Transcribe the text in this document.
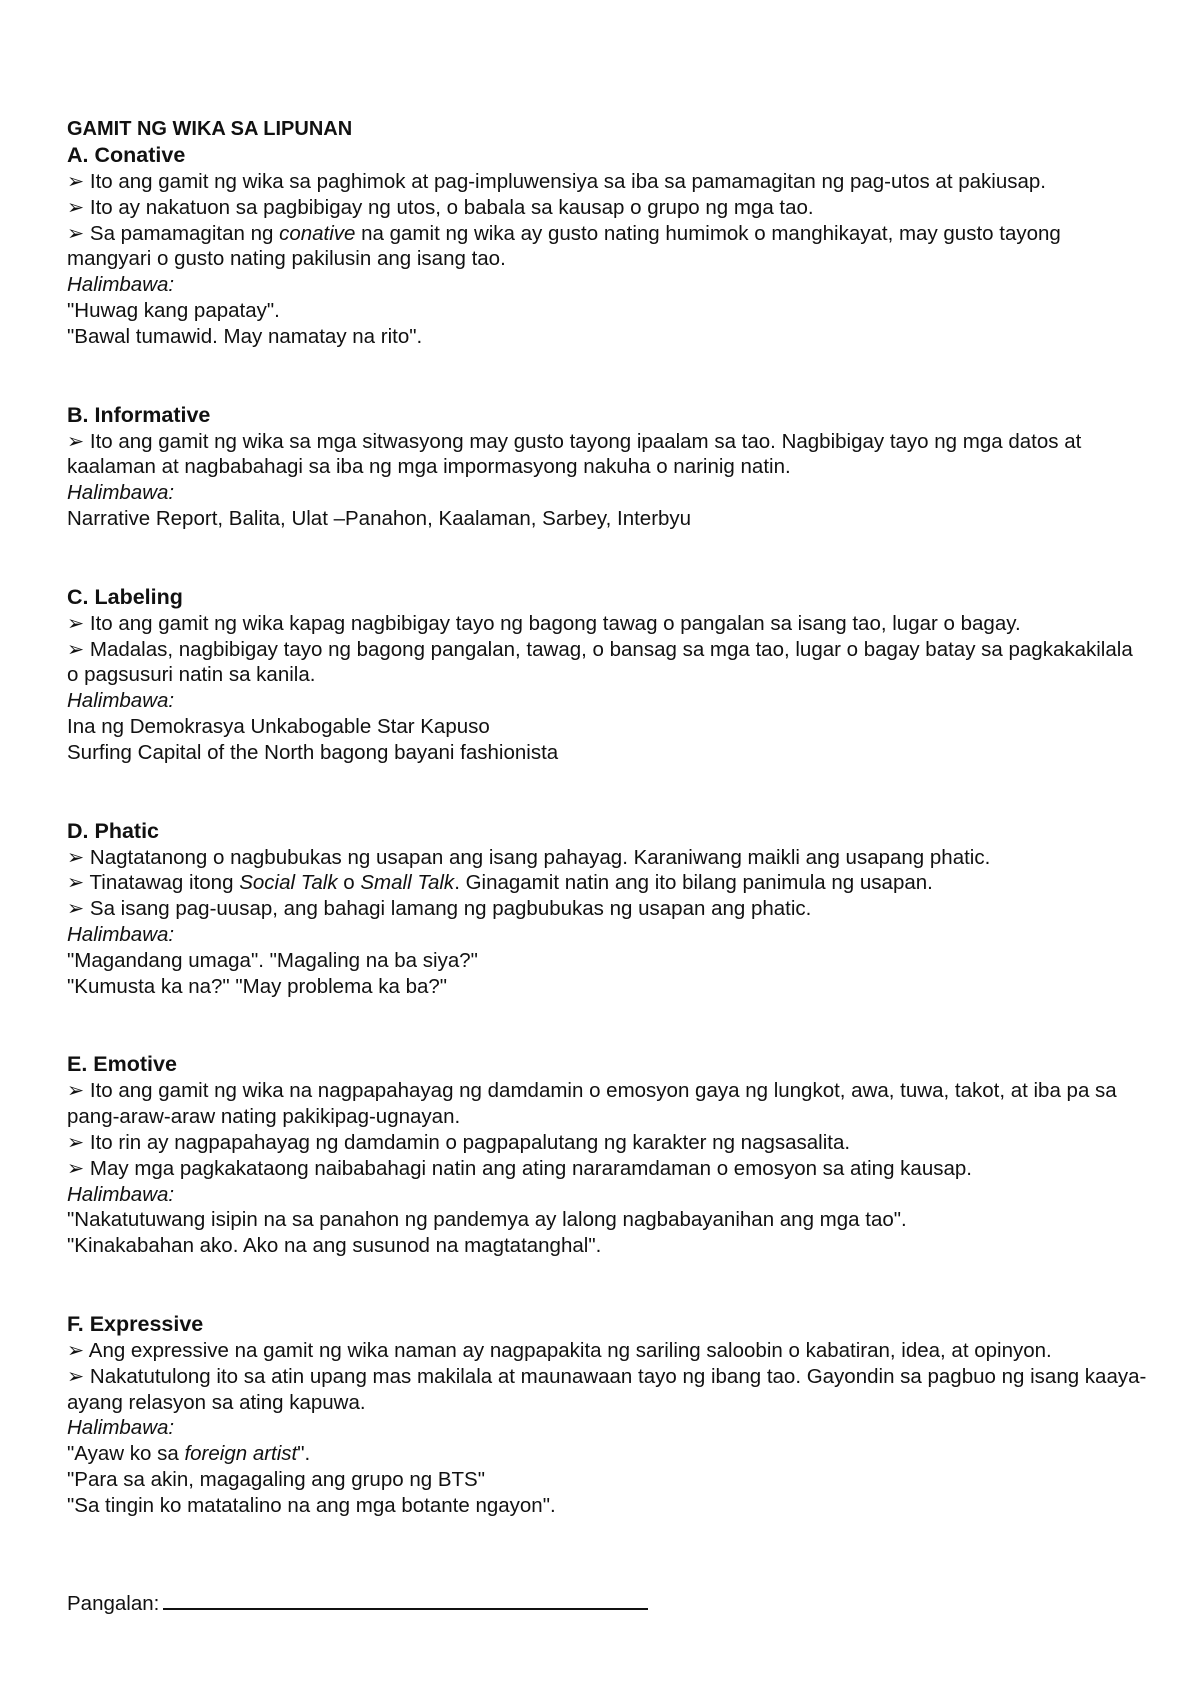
GAMIT NG WIKA SA LIPUNAN

A. Conative

➢ Ito ang gamit ng wika sa paghimok at pag-impluwensiya sa iba sa pamamagitan ng pag-utos at pakiusap.

➢ Ito ay nakatuon sa pagbibigay ng utos, o babala sa kausap o grupo ng mga tao.

➢ Sa pamamagitan ng conative na gamit ng wika ay gusto nating humimok o manghikayat, may gusto tayong mangyari o gusto nating pakilusin ang isang tao.

Halimbawa:

"Huwag kang papatay".

"Bawal tumawid. May namatay na rito".

B. Informative

➢ Ito ang gamit ng wika sa mga sitwasyong may gusto tayong ipaalam sa tao. Nagbibigay tayo ng mga datos at kaalaman at nagbabahagi sa iba ng mga impormasyong nakuha o narinig natin.

Halimbawa:

Narrative Report, Balita, Ulat –Panahon, Kaalaman, Sarbey, Interbyu

C. Labeling

➢ Ito ang gamit ng wika kapag nagbibigay tayo ng bagong tawag o pangalan sa isang tao, lugar o bagay.

➢ Madalas, nagbibigay tayo ng bagong pangalan, tawag, o bansag sa mga tao, lugar o bagay batay sa pagkakakilala o pagsusuri natin sa kanila.

Halimbawa:

Ina ng Demokrasya Unkabogable Star Kapuso

Surfing Capital of the North bagong bayani fashionista

D. Phatic

➢ Nagtatanong o nagbubukas ng usapan ang isang pahayag. Karaniwang maikli ang usapang phatic.

➢ Tinatawag itong Social Talk o Small Talk. Ginagamit natin ang ito bilang panimula ng usapan.

➢ Sa isang pag-uusap, ang bahagi lamang ng pagbubukas ng usapan ang phatic.

Halimbawa:

"Magandang umaga". "Magaling na ba siya?"

"Kumusta ka na?" "May problema ka ba?"

E. Emotive

➢ Ito ang gamit ng wika na nagpapahayag ng damdamin o emosyon gaya ng lungkot, awa, tuwa, takot, at iba pa sa pang-araw-araw nating pakikipag-ugnayan.

➢ Ito rin ay nagpapahayag ng damdamin o pagpapalutang ng karakter ng nagsasalita.

➢ May mga pagkakataong naibabahagi natin ang ating nararamdaman o emosyon sa ating kausap.

Halimbawa:

"Nakatutuwang isipin na sa panahon ng pandemya ay lalong nagbabayanihan ang mga tao".

"Kinakabahan ako. Ako na ang susunod na magtatanghal".

F. Expressive

➢ Ang expressive na gamit ng wika naman ay nagpapakita ng sariling saloobin o kabatiran, idea, at opinyon.

➢ Nakatutulong ito sa atin upang mas makilala at maunawaan tayo ng ibang tao. Gayondin sa pagbuo ng isang kaaya-ayang relasyon sa ating kapuwa.

Halimbawa:

"Ayaw ko sa foreign artist".

"Para sa akin, magagaling ang grupo ng BTS"

"Sa tingin ko matatalino na ang mga botante ngayon".

Pangalan:
